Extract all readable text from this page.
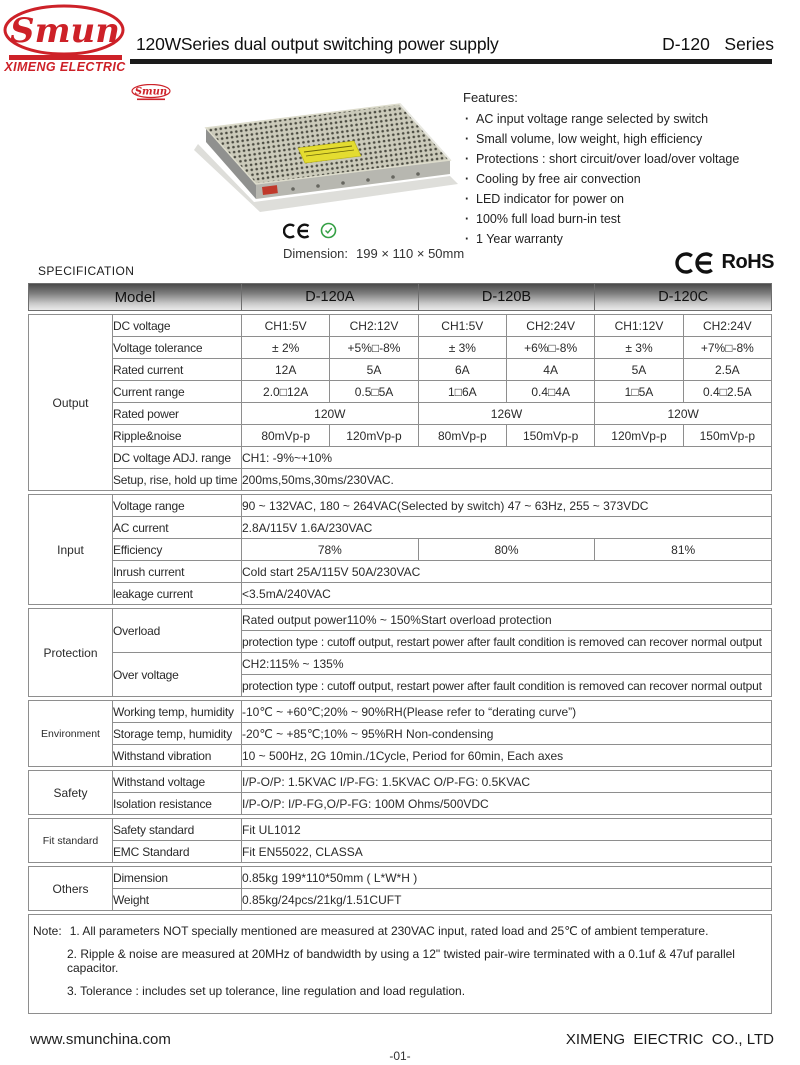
Smun
XIMENG ELECTRIC
120WSeries dual output switching power supply	D-120   Series
Smun	Features:
· AC input voltage range selected by switch
· Small volume, low weight, high efficiency
· Protections : short circuit/over load/over voltage
· Cooling by free air convection
· LED indicator for power on
· 100% full load burn-in test
· 1 Year warranty
Dimension: 199 × 110 × 50mm
SPECIFICATION	RoHS
Model	D-120A	D-120B	D-120C
Output	DC voltage	CH1:5V	CH2:12V	CH1:5V	CH2:24V	CH1:12V	CH2:24V
	Voltage tolerance	± 2%	+5%□-8%	± 3%	+6%□-8%	± 3%	+7%□-8%
	Rated current	12A	5A	6A	4A	5A	2.5A
	Current range	2.0□12A	0.5□5A	1□6A	0.4□4A	1□5A	0.4□2.5A
	Rated power	120W		126W		120W	
	Ripple&noise	80mVp-p	120mVp-p	80mVp-p	150mVp-p	120mVp-p	150mVp-p
	DC voltage ADJ. range	CH1: -9%~+10%					
	Setup, rise, hold up time	200ms,50ms,30ms/230VAC.					
Input	Voltage range	90 ~ 132VAC, 180 ~ 264VAC(Selected by switch) 47 ~ 63Hz, 255 ~ 373VDC		
	AC current	2.8A/115V 1.6A/230VAC		
	Efficiency	78%	80%	81%
	Inrush current	Cold start 25A/115V 50A/230VAC		
	leakage current	<3.5mA/240VAC		
Protection	Overload	Rated output power110% ~ 150%Start overload protection
		protection type : cutoff output, restart power after fault condition is removed can recover normal output
	Over voltage	CH2:115% ~ 135%
		protection type : cutoff output, restart power after fault condition is removed can recover normal output
Environment	Working temp, humidity	-10℃ ~ +60℃;20% ~ 90%RH(Please refer to “derating curve”)
	Storage temp, humidity	-20℃ ~ +85℃;10% ~ 95%RH Non-condensing
	Withstand vibration	10 ~ 500Hz, 2G 10min./1Cycle, Period for 60min, Each axes
Safety	Withstand voltage	I/P-O/P: 1.5KVAC I/P-FG: 1.5KVAC O/P-FG: 0.5KVAC
	Isolation resistance	I/P-O/P: I/P-FG,O/P-FG: 100M Ohms/500VDC
Fit standard	Safety standard	Fit UL1012
	EMC Standard	Fit EN55022, CLASSA
Others	Dimension	0.85kg 199*110*50mm ( L*W*H )
	Weight	0.85kg/24pcs/21kg/1.51CUFT
Note: 1. All parameters NOT specially mentioned are measured at 230VAC input, rated load and 25℃ of ambient temperature.
2. Ripple & noise are measured at 20MHz of bandwidth by using a 12" twisted pair-wire terminated with a 0.1uf & 47uf parallel capacitor.
3. Tolerance : includes set up tolerance, line regulation and load regulation.
www.smunchina.com	XIMENG  EIECTRIC  CO., LTD
-01-
